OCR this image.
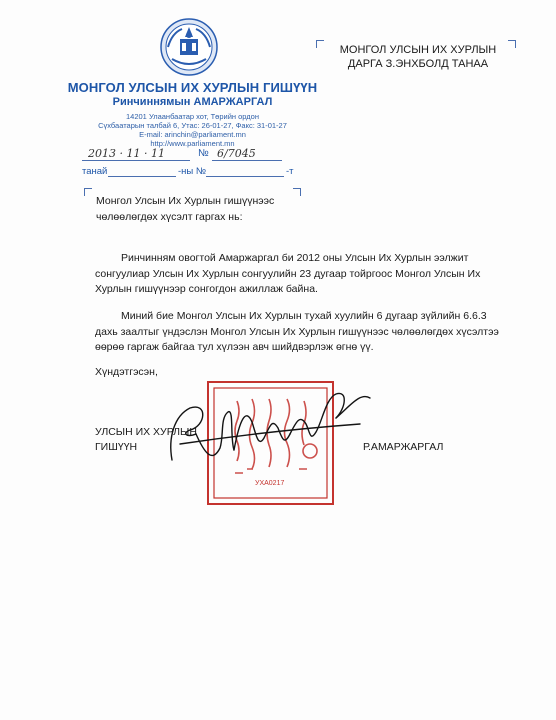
МОНГОЛ УЛСЫН ИХ ХУРЛЫН ГИШҮҮН
Ринчиннямын АМАРЖАРГАЛ
14201 Улаанбаатар хот, Төрийн ордон
Сүхбаатарын талбай 6, Утас: 26-01-27, Факс: 31-01-27
E-mail: arinchin@parliament.mn
http://www.parliament.mn
2013 · 11 · 11	№ 6/7045
танай	-ны №	-т
МОНГОЛ УЛСЫН ИХ ХУРЛЫН
ДАРГА З.ЭНХБОЛД ТАНАА
Монгол Улсын Их Хурлын гишүүнээс
чөлөөлөгдөх хүсэлт гаргах нь:

Ринчинням овогтой Амаржаргал би 2012 оны Улсын Их Хурлын ээлжит сонгуулиар Улсын Их Хурлын сонгуулийн 23 дугаар тойргоос Монгол Улсын Их Хурлын гишүүнээр сонгогдон ажиллаж байна.

Миний бие Монгол Улсын Их Хурлын тухай хуулийн 6 дугаар зүйлийн 6.6.3 дахь заалтыг үндэслэн Монгол Улсын Их Хурлын гишүүнээс чөлөөлөгдөх хүсэлтээ өөрөө гаргаж байгаа тул хүлээн авч шийдвэрлэж өгнө үү.

Хүндэтгэсэн,
УЛСЫН ИХ ХУРЛЫН
ГИШҮҮН	Р.АМАРЖАРГАЛ
УХА0217
